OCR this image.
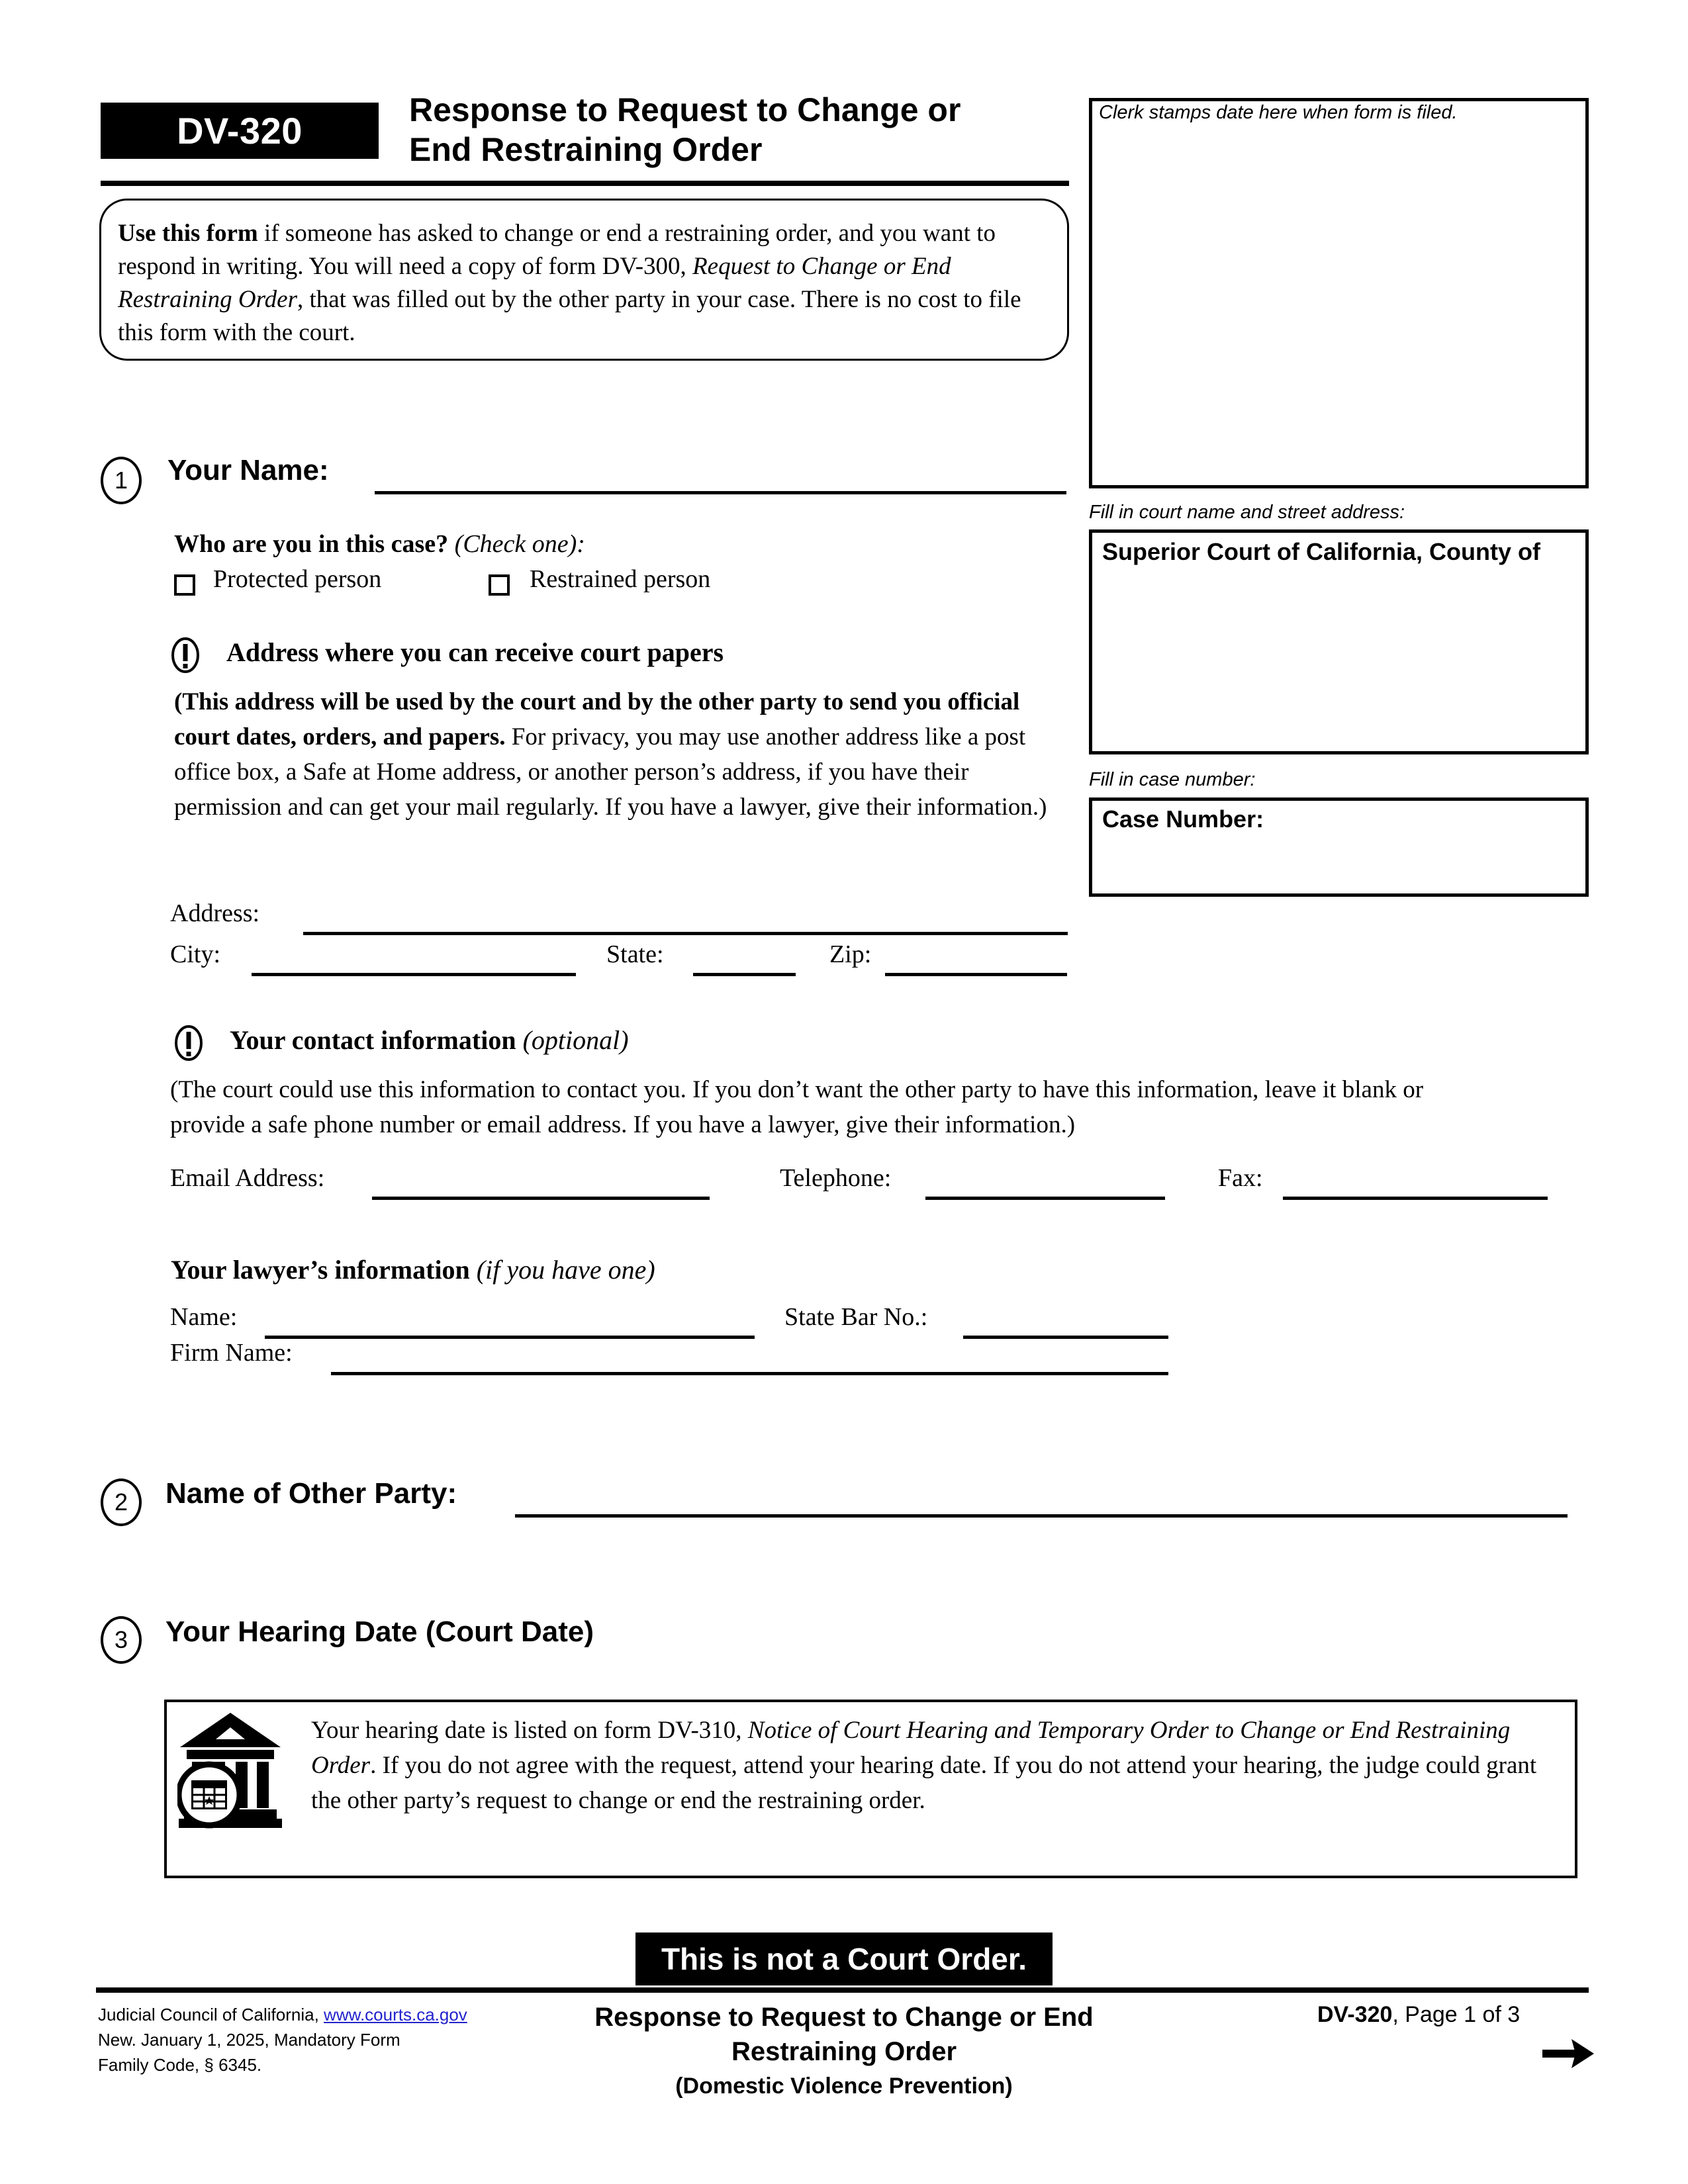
DV-320	Response to Request to Change or
End Restraining Order
Use this form if someone has asked to change or end a restraining order, and you want to respond in writing. You will need a copy of form DV-300, Request to Change or End Restraining Order, that was filled out by the other party in your case. There is no cost to file this form with the court.
Clerk stamps date here when form is filed.
Fill in court name and street address:
Superior Court of California, County of
Fill in case number:
Case Number:
1	Your Name:
Who are you in this case? (Check one):
Protected person	Restrained person
Address where you can receive court papers
(This address will be used by the court and by the other party to send you official court dates, orders, and papers. For privacy, you may use another address like a post office box, a Safe at Home address, or another person’s address, if you have their permission and can get your mail regularly. If you have a lawyer, give their information.)
Address:
City:	State:	Zip:
Your contact information (optional)
(The court could use this information to contact you. If you don’t want the other party to have this information, leave it blank or provide a safe phone number or email address. If you have a lawyer, give their information.)
Email Address:	Telephone:	Fax:
Your lawyer’s information (if you have one)
Name:	State Bar No.:
Firm Name:
2	Name of Other Party:
3	Your Hearing Date (Court Date)
Your hearing date is listed on form DV-310, Notice of Court Hearing and Temporary Order to Change or End Restraining Order. If you do not agree with the request, attend your hearing date. If you do not attend your hearing, the judge could grant the other party’s request to change or end the restraining order.
This is not a Court Order.
Judicial Council of California, www.courts.ca.gov
New. January 1, 2025, Mandatory Form
Family Code, § 6345.
Response to Request to Change or End
Restraining Order
(Domestic Violence Prevention)
DV-320, Page 1 of 3
